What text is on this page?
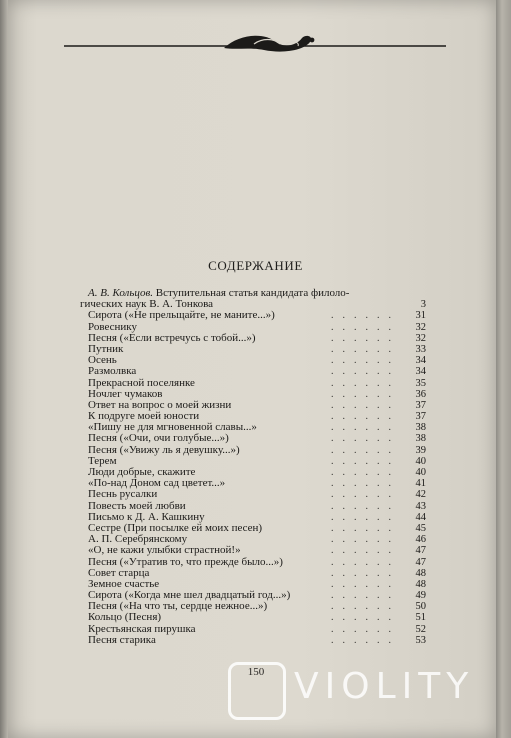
СОДЕРЖАНИЕ
А. В. Кольцов. Вступительная статья кандидата филоло-
гических наук В. А. Тонкова	3
Сирота («Не прельщайте, не маните...»)	...... 31
Ровеснику	...... 32
Песня («Если встречусь с тобой...»)	...... 32
Путник	...... 33
Осень	...... 34
Размолвка	...... 34
Прекрасной поселянке	...... 35
Ночлег чумаков	...... 36
Ответ на вопрос о моей жизни	...... 37
К подруге моей юности	...... 37
«Пишу не для мгновенной славы...»	...... 38
Песня («Очи, очи голубые...»)	...... 38
Песня («Увижу ль я девушку...»)	...... 39
Терем	...... 40
Люди добрые, скажите	...... 40
«По-над Доном сад цветет...»	...... 41
Песнь русалки	...... 42
Повесть моей любви	...... 43
Письмо к Д. А. Кашкину	...... 44
Сестре (При посылке ей моих песен)	...... 45
А. П. Серебрянскому	...... 46
«О, не кажи улыбки страстной!»	...... 47
Песня («Утратив то, что прежде было...»)	...... 47
Совет старца	...... 48
Земное счастье	...... 48
Сирота («Когда мне шел двадцатый год...»)	...... 49
Песня («На что ты, сердце нежное...»)	...... 50
Кольцо (Песня)	...... 51
Крестьянская пирушка	...... 52
Песня старика	...... 53
150 VIOLITY
